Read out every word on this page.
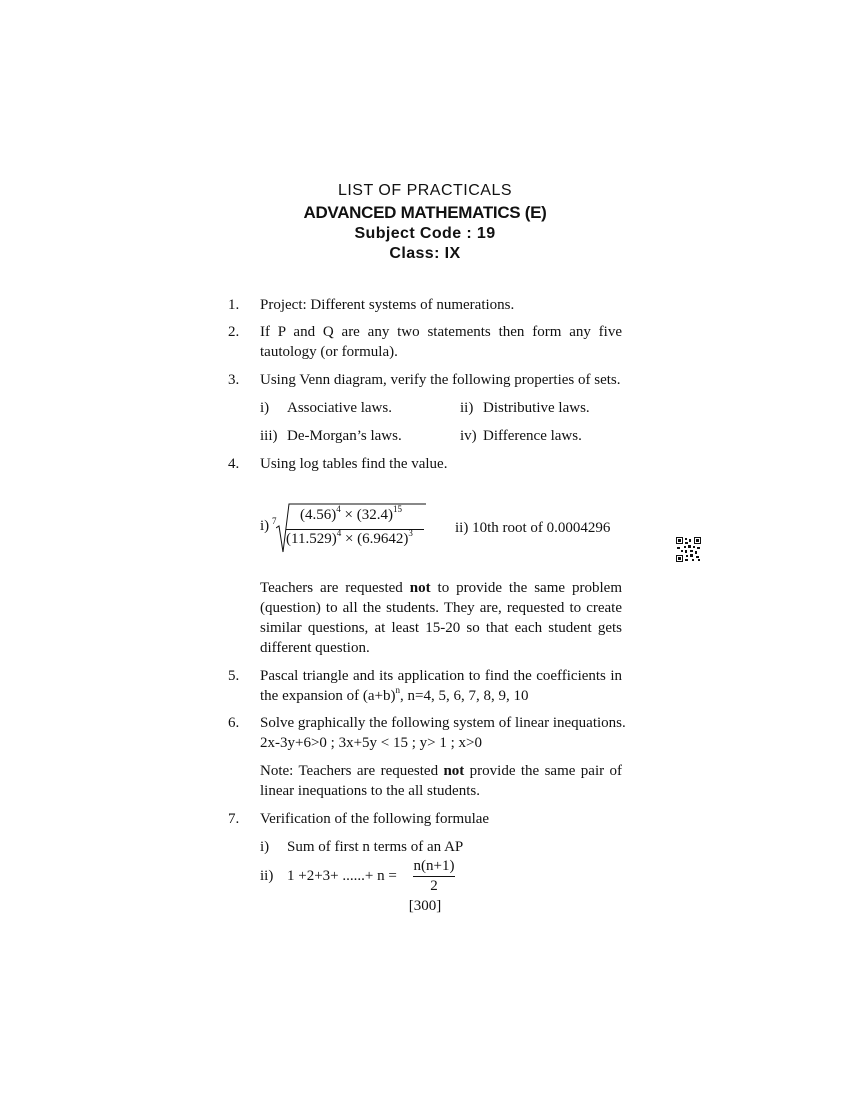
LIST OF PRACTICALS
ADVANCED MATHEMATICS (E)
Subject Code : 19
Class: IX
1. Project: Different systems of numerations.
2. If P and Q are any two statements then form any five
tautology (or formula).
3. Using Venn diagram, verify the following properties of sets.
i) Associative laws.	ii) Distributive laws.
iii) De-Morgan’s laws.	iv) Difference laws.
4. Using log tables find the value.
i) 7 $(4.56)^4 \times (32.4)^{15}$
$(11.529)^4 \times (6.9642)^3$	ii) 10th root of 0.0004296
Teachers are requested not to provide the same problem
(question) to all the students. They are, requested to create
similar questions, at least 15-20 so that each student gets
different question.
5. Pascal triangle and its application to find the coefficients in
the expansion of $(a+b)^n$, n=4, 5, 6, 7, 8, 9, 10
6. Solve graphically the following system of linear inequations.
2x-3y+6>0 ; 3x+5y < 15 ; y> 1 ; x>0
Note: Teachers are requested not provide the same pair of
linear inequations to the all students.
7. Verification of the following formulae
i) Sum of first n terms of an AP
ii) 1 +2+3+ ......+ n =
n(n+1)
2
[300]
